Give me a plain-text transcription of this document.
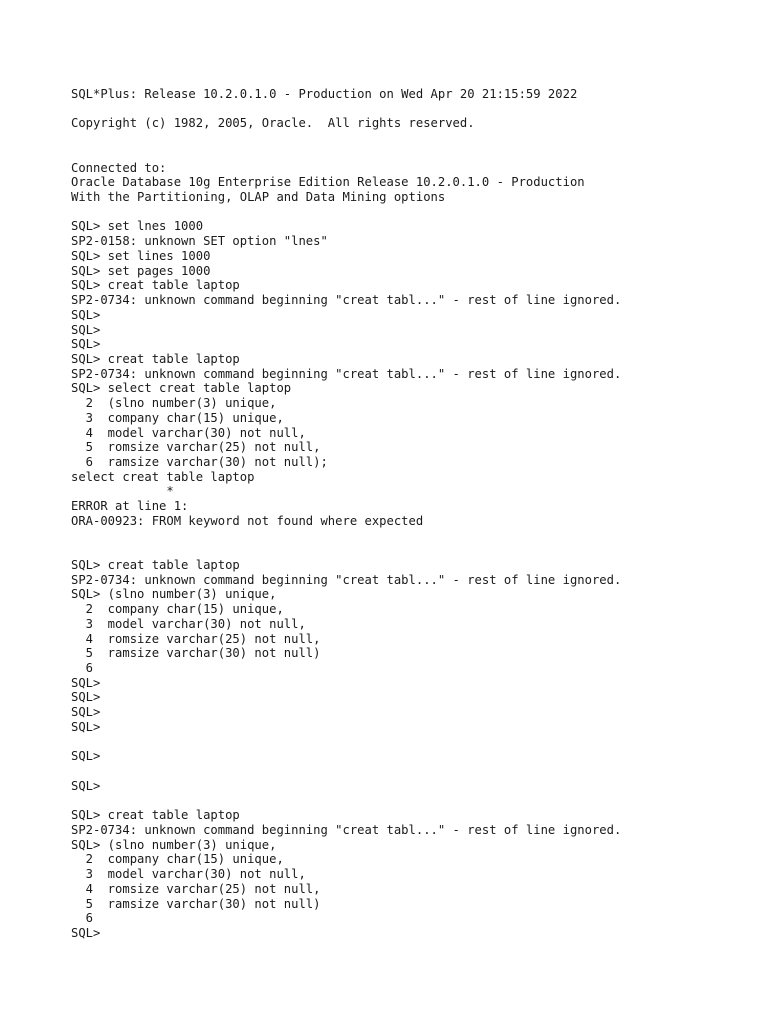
SQL*Plus: Release 10.2.0.1.0 - Production on Wed Apr 20 21:15:59 2022
Copyright (c) 1982, 2005, Oracle.  All rights reserved.
Connected to:
Oracle Database 10g Enterprise Edition Release 10.2.0.1.0 - Production
With the Partitioning, OLAP and Data Mining options
SQL> set lnes 1000
SP2-0158: unknown SET option "lnes"
SQL> set lines 1000
SQL> set pages 1000
SQL> creat table laptop
SP2-0734: unknown command beginning "creat tabl..." - rest of line ignored.
SQL>
SQL>
SQL>
SQL> creat table laptop
SP2-0734: unknown command beginning "creat tabl..." - rest of line ignored.
SQL> select creat table laptop
2  (slno number(3) unique,
3  company char(15) unique,
4  model varchar(30) not null,
5  romsize varchar(25) not null,
6  ramsize varchar(30) not null);
select creat table laptop
*
ERROR at line 1:
ORA-00923: FROM keyword not found where expected
SQL> creat table laptop
SP2-0734: unknown command beginning "creat tabl..." - rest of line ignored.
SQL> (slno number(3) unique,
2  company char(15) unique,
3  model varchar(30) not null,
4  romsize varchar(25) not null,
5  ramsize varchar(30) not null)
6
SQL>
SQL>
SQL>
SQL>
SQL>
SQL>
SQL> creat table laptop
SP2-0734: unknown command beginning "creat tabl..." - rest of line ignored.
SQL> (slno number(3) unique,
2  company char(15) unique,
3  model varchar(30) not null,
4  romsize varchar(25) not null,
5  ramsize varchar(30) not null)
6
SQL>
